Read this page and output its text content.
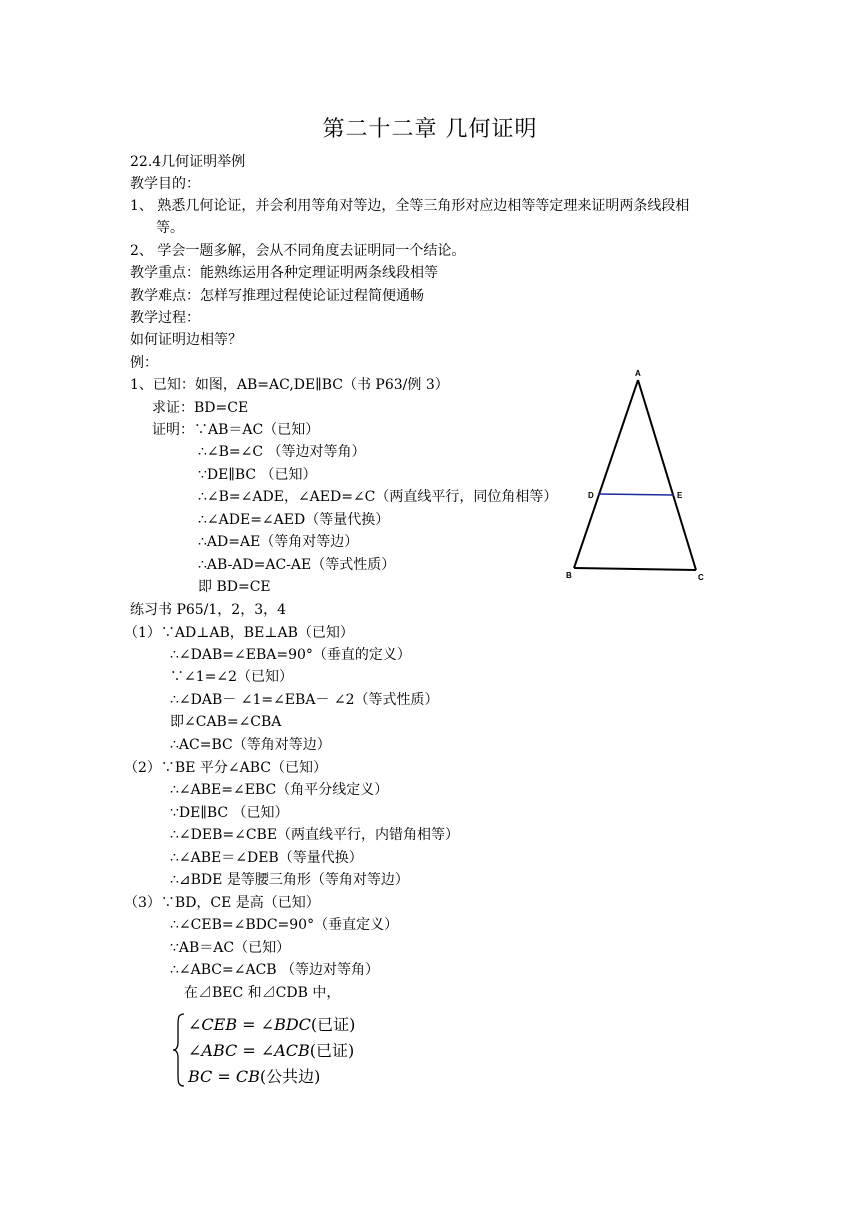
第二十二章 几何证明
22.4几何证明举例
教学目的：
1、 熟悉几何论证，并会利用等角对等边，全等三角形对应边相等等定理来证明两条线段相
等。
2、 学会一题多解，会从不同角度去证明同一个结论。
教学重点：能熟练运用各种定理证明两条线段相等
教学难点：怎样写推理过程使论证过程简便通畅
教学过程：
如何证明边相等？
例：
1、已知：如图，AB=AC,DE∥BC（书 P63/例 3）
求证：BD=CE
证明：∵AB＝AC（已知）
∴∠B=∠C （等边对等角）
∵DE∥BC （已知）
∴∠B=∠ADE，∠AED=∠C（两直线平行，同位角相等）
∴∠ADE=∠AED（等量代换）
∴AD=AE（等角对等边）
∴AB-AD=AC-AE（等式性质）
即 BD=CE
A
B	C
D	E
练习书 P65/1，2，3，4
（1）∵AD⊥AB，BE⊥AB（已知）
∴∠DAB=∠EBA=90°（垂直的定义）
∵∠1=∠2（已知）
∴∠DAB－ ∠1=∠EBA－ ∠2（等式性质）
即∠CAB=∠CBA
∴AC=BC（等角对等边）
（2）∵BE 平分∠ABC（已知）
∴∠ABE=∠EBC（角平分线定义）
∵DE∥BC （已知）
∴∠DEB=∠CBE（两直线平行，内错角相等）
∴∠ABE＝∠DEB（等量代换）
∴⊿BDE 是等腰三角形（等角对等边）
（3）∵BD，CE 是高（已知）
∴∠CEB=∠BDC=90°（垂直定义）
∵AB＝AC（已知）
∴∠ABC=∠ACB （等边对等角）
在⊿BEC 和⊿CDB 中，
∠CEB = ∠BDC(已证)
∠ABC = ∠ACB(已证)
BC = CB(公共边)
